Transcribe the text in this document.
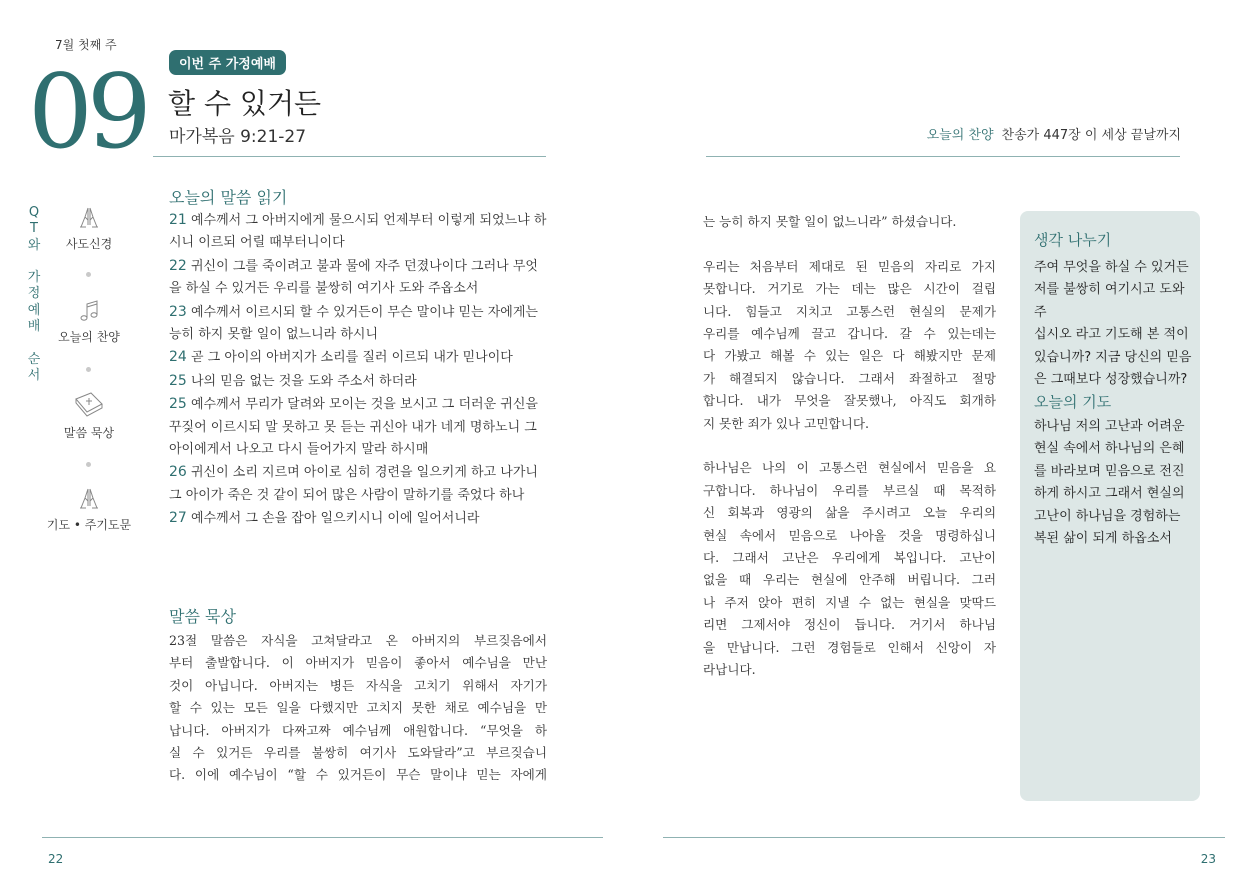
7월 첫째 주
09	이번 주 가정예배
할 수 있거든
마가복음 9:21-27
Q
T
와

가
정
예
배

순
서
사도신경
오늘의 찬양
말씀 묵상
기도 • 주기도문
오늘의 말씀 읽기
21 예수께서 그 아버지에게 물으시되 언제부터 이렇게 되었느냐 하시니 이르되 어릴 때부터니이다
22 귀신이 그를 죽이려고 불과 물에 자주 던졌나이다 그러나 무엇을 하실 수 있거든 우리를 불쌍히 여기사 도와 주옵소서
23 예수께서 이르시되 할 수 있거든이 무슨 말이냐 믿는 자에게는 능히 하지 못할 일이 없느니라 하시니
24 곧 그 아이의 아버지가 소리를 질러 이르되 내가 믿나이다
25 나의 믿음 없는 것을 도와 주소서 하더라
25 예수께서 무리가 달려와 모이는 것을 보시고 그 더러운 귀신을 꾸짖어 이르시되 말 못하고 못 듣는 귀신아 내가 네게 명하노니 그 아이에게서 나오고 다시 들어가지 말라 하시매
26 귀신이 소리 지르며 아이로 심히 경련을 일으키게 하고 나가니 그 아이가 죽은 것 같이 되어 많은 사람이 말하기를 죽었다 하나
27 예수께서 그 손을 잡아 일으키시니 이에 일어서니라
말씀 묵상
23절 말씀은 자식을 고쳐달라고 온 아버지의 부르짖음에서
부터 출발합니다. 이 아버지가 믿음이 좋아서 예수님을 만난
것이 아닙니다. 아버지는 병든 자식을 고치기 위해서 자기가
할 수 있는 모든 일을 다했지만 고치지 못한 채로 예수님을 만
납니다. 아버지가 다짜고짜 예수님께 애원합니다. “무엇을 하
실 수 있거든 우리를 불쌍히 여기사 도와달라”고 부르짖습니
다. 이에 예수님이 “할 수 있거든이 무슨 말이냐 믿는 자에게
22
오늘의 찬양 찬송가 447장 이 세상 끝날까지
는 능히 하지 못할 일이 없느니라” 하셨습니다.
우리는 처음부터 제대로 된 믿음의 자리로 가지
못합니다. 거기로 가는 데는 많은 시간이 걸립
니다. 힘들고 지치고 고통스런 현실의 문제가
우리를 예수님께 끌고 갑니다. 갈 수 있는데는
다 가봤고 해볼 수 있는 일은 다 해봤지만 문제
가 해결되지 않습니다. 그래서 좌절하고 절망
합니다. 내가 무엇을 잘못했나, 아직도 회개하
지 못한 죄가 있나 고민합니다.
하나님은 나의 이 고통스런 현실에서 믿음을 요
구합니다. 하나님이 우리를 부르실 때 목적하
신 회복과 영광의 삶을 주시려고 오늘 우리의
현실 속에서 믿음으로 나아올 것을 명령하십니
다. 그래서 고난은 우리에게 복입니다. 고난이
없을 때 우리는 현실에 안주해 버립니다. 그러
나 주저 앉아 편히 지낼 수 없는 현실을 맞딱드
리면 그제서야 정신이 듭니다. 거기서 하나님
을 만납니다. 그런 경험들로 인해서 신앙이 자
라납니다.
생각 나누기
주여 무엇을 하실 수 있거든
저를 불쌍히 여기시고 도와주
십시오 라고 기도해 본 적이
있습니까? 지금 당신의 믿음
은 그때보다 성장했습니까?
오늘의 기도
하나님 저의 고난과 어려운
현실 속에서 하나님의 은혜
를 바라보며 믿음으로 전진
하게 하시고 그래서 현실의
고난이 하나님을 경험하는
복된 삶이 되게 하옵소서
23
